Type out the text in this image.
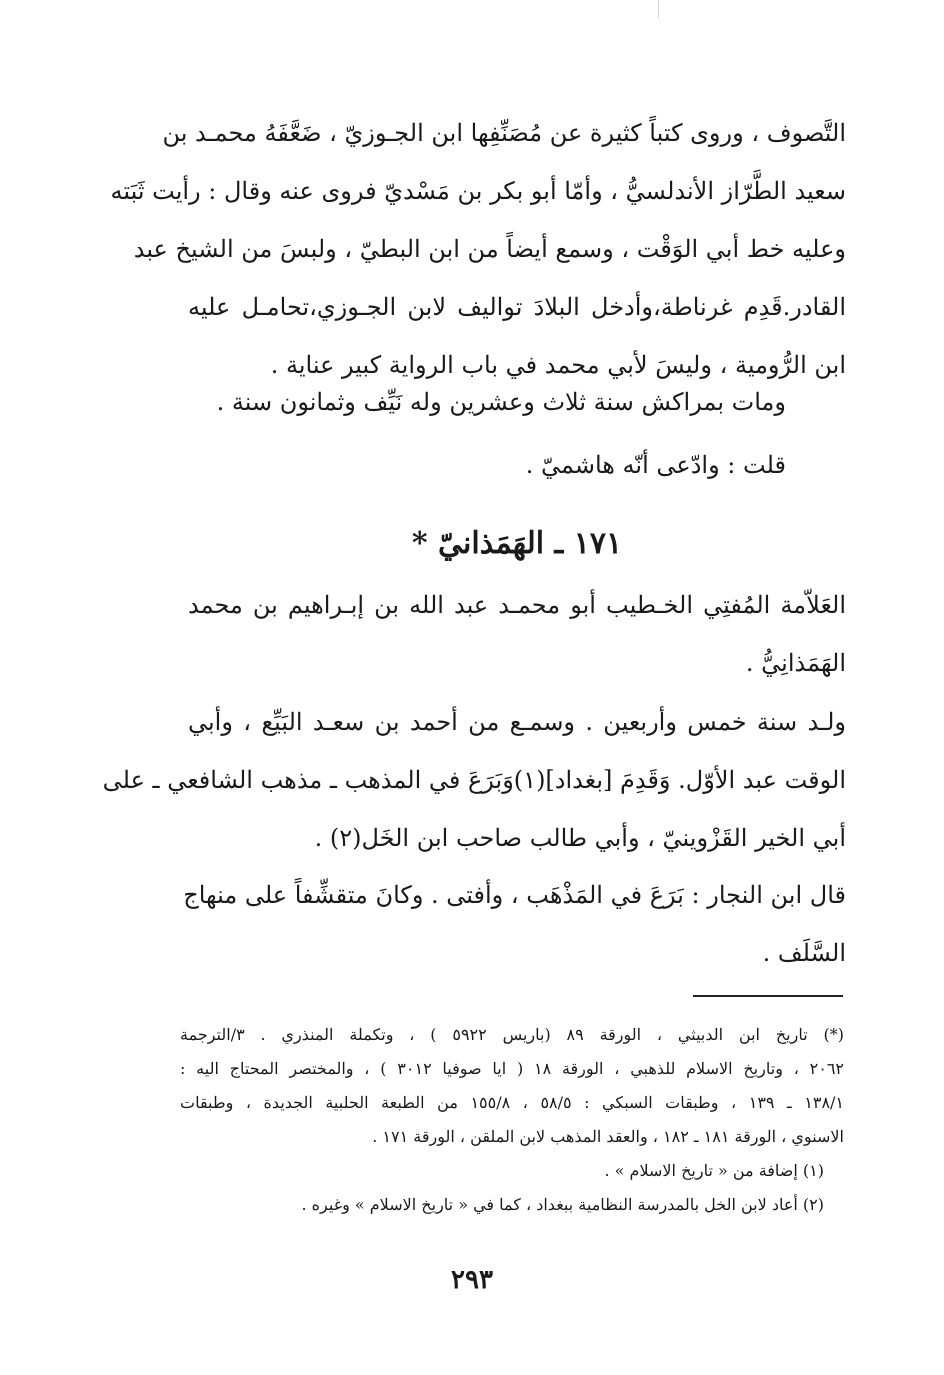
التَّصوف ، وروى كتباً كثيرة عن مُصَنِّفِها ابن الجـوزيّ ، ضَعَّفَهُ محمـد بن
سعيد الطَّرّاز الأندلسيُّ ، وأمّا أبو بكر بن مَسْديّ فروى عنه وقال : رأيت ثَبَته
وعليه خط أبي الوَقْت ، وسمع أيضاً من ابن البطيّ ، ولبسَ من الشيخ عبد
القادر.قَدِم غرناطة،وأدخل البلادَ تواليف لابن الجـوزي،تحامـل عليه
ابن الرُّومية ، وليسَ لأبي محمد في باب الرواية كبير عناية .
ومات بمراكش سنة ثلاث وعشرين وله نَيِّف وثمانون سنة .
قلت : وادّعى أنّه هاشميّ .
١٧١ ـ الهَمَذانيّ *
العَلاّمة المُفتِي الخـطيب أبو محمـد عبد الله بن إبـراهيم بن محمد
الهَمَذانِيُّ .
ولـد سنة خمس وأربعين . وسمـع من أحمد بن سعـد البَيِّع ، وأبي
الوقت عبد الأوّل. وَقَدِمَ [بغداد](١)وَبَرَعَ في المذهب ـ مذهب الشافعي ـ على
أبي الخير القَزْوينيّ ، وأبي طالب صاحب ابن الخَل(٢) .
قال ابن النجار : بَرَعَ في المَذْهَب ، وأفتى . وكانَ متقشِّفاً على منهاج
السَّلَف .
(*) تاريخ ابن الدبيثي ، الورقة ٨٩ (باريس ٥٩٢٢ ) ، وتكملة المنذري . ٣/الترجمة
٢٠٦٢ ، وتاريخ الاسلام للذهبي ، الورقة ١٨ ( ايا صوفيا ٣٠١٢ ) ، والمختصر المحتاج اليه :
١٣٨/١ ـ ١٣٩ ، وطبقات السبكي : ٥٨/٥ ، ١٥٥/٨ من الطبعة الحلبية الجديدة ، وطبقات
الاسنوي ، الورقة ١٨١ ـ ١٨٢ ، والعقد المذهب لابن الملقن ، الورقة ١٧١ .
(١) إضافة من « تاريخ الاسلام » .
(٢) أعاد لابن الخل بالمدرسة النظامية ببغداد ، كما في « تاريخ الاسلام » وغيره .
٢٩٣
